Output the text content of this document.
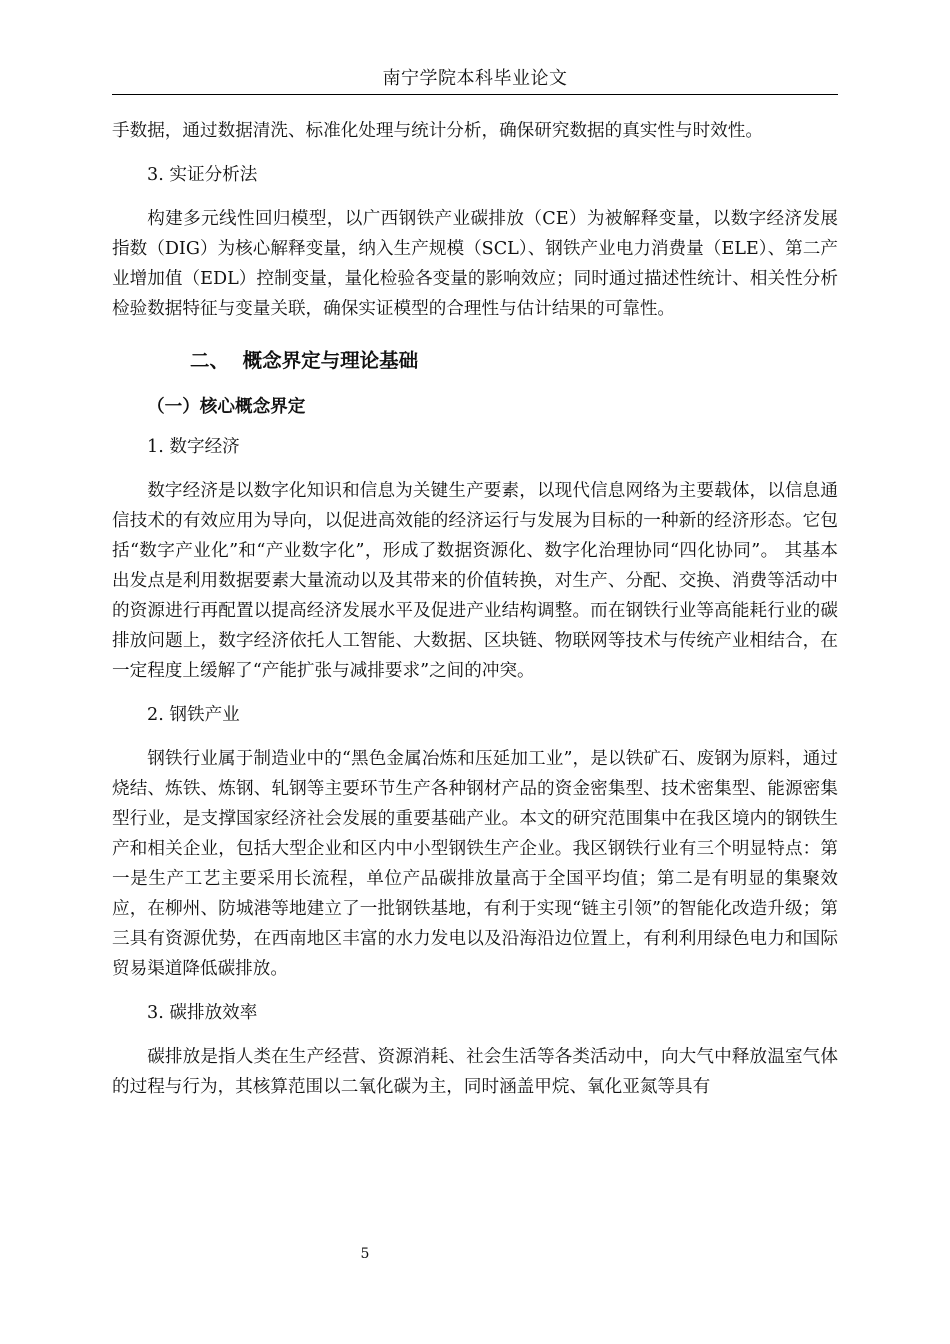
南宁学院本科毕业论文

手数据，通过数据清洗、标准化处理与统计分析，确保研究数据的真实性与时效性。

3. 实证分析法

构建多元线性回归模型，以广西钢铁产业碳排放（CE）为被解释变量，以数字经济发展指数（DIG）为核心解释变量，纳入生产规模（SCL）、钢铁产业电力消费量（ELE）、第二产业增加值（EDL）控制变量，量化检验各变量的影响效应；同时通过描述性统计、相关性分析检验数据特征与变量关联，确保实证模型的合理性与估计结果的可靠性。

二、  概念界定与理论基础
（一）核心概念界定
1. 数字经济

数字经济是以数字化知识和信息为关键生产要素，以现代信息网络为主要载体，以信息通信技术的有效应用为导向，以促进高效能的经济运行与发展为目标的一种新的经济形态。它包括“数字产业化”和“产业数字化”，形成了数据资源化、数字化治理协同“四化协同”。 其基本出发点是利用数据要素大量流动以及其带来的价值转换，对生产、分配、交换、消费等活动中的资源进行再配置以提高经济发展水平及促进产业结构调整。而在钢铁行业等高能耗行业的碳排放问题上，数字经济依托人工智能、大数据、区块链、物联网等技术与传统产业相结合，在一定程度上缓解了“产能扩张与减排要求”之间的冲突。

2. 钢铁产业

钢铁行业属于制造业中的“黑色金属冶炼和压延加工业”，是以铁矿石、废钢为原料，通过烧结、炼铁、炼钢、轧钢等主要环节生产各种钢材产品的资金密集型、技术密集型、能源密集型行业，是支撑国家经济社会发展的重要基础产业。本文的研究范围集中在我区境内的钢铁生产和相关企业，包括大型企业和区内中小型钢铁生产企业。我区钢铁行业有三个明显特点：第一是生产工艺主要采用长流程，单位产品碳排放量高于全国平均值；第二是有明显的集聚效应，在柳州、防城港等地建立了一批钢铁基地，有利于实现“链主引领”的智能化改造升级；第三具有资源优势，在西南地区丰富的水力发电以及沿海沿边位置上，有利利用绿色电力和国际贸易渠道降低碳排放。

3. 碳排放效率

碳排放是指人类在生产经营、资源消耗、社会生活等各类活动中，向大气中释放温室气体的过程与行为，其核算范围以二氧化碳为主，同时涵盖甲烷、氧化亚氮等具有

5
